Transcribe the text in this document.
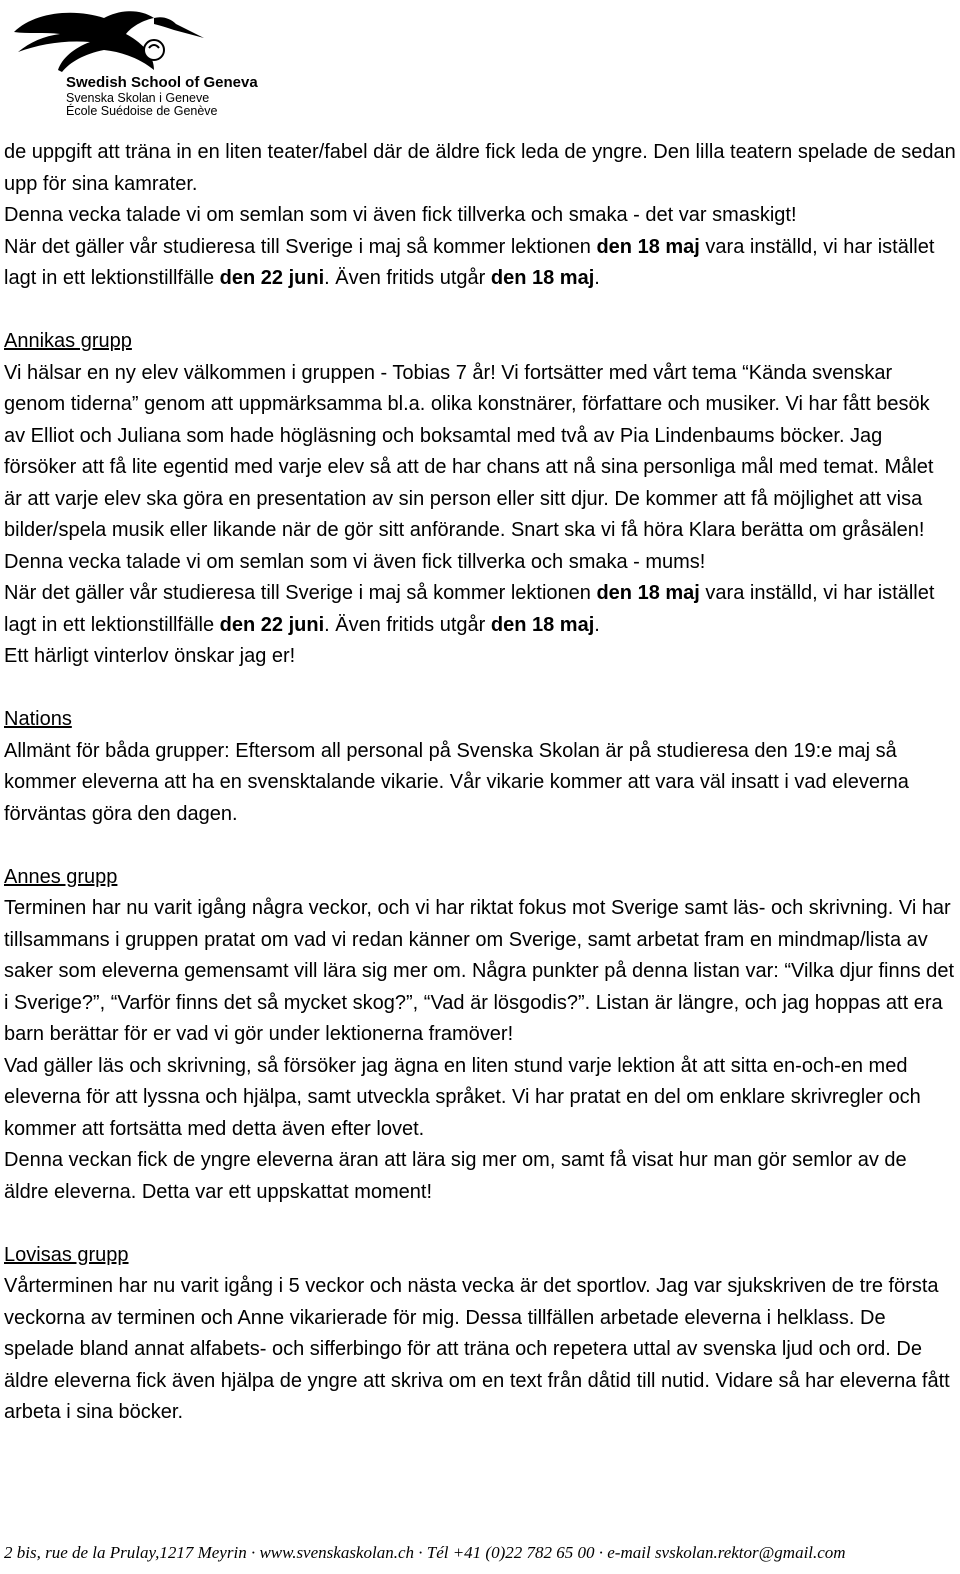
Swedish School of Geneva
Svenska Skolan i Geneve
École Suédoise de Genève

de uppgift att träna in en liten teater/fabel där de äldre fick leda de yngre. Den lilla teatern spelade de sedan upp för sina kamrater.

Denna vecka talade vi om semlan som vi även fick tillverka och smaka - det var smaskigt!

När det gäller vår studieresa till Sverige i maj så kommer lektionen den 18 maj vara inställd, vi har istället lagt in ett lektionstillfälle den 22 juni. Även fritids utgår den 18 maj.

Annikas grupp

Vi hälsar en ny elev välkommen i gruppen - Tobias 7 år! Vi fortsätter med vårt tema “Kända svenskar genom tiderna” genom att uppmärksamma bl.a. olika konstnärer, författare och musiker. Vi har fått besök av Elliot och Juliana som hade högläsning och boksamtal med två av Pia Lindenbaums böcker. Jag försöker att få lite egentid med varje elev så att de har chans att nå sina personliga mål med temat. Målet är att varje elev ska göra en presentation av sin person eller sitt djur. De kommer att få möjlighet att visa bilder/spela musik eller likande när de gör sitt anförande. Snart ska vi få höra Klara berätta om gråsälen!

Denna vecka talade vi om semlan som vi även fick tillverka och smaka - mums!

När det gäller vår studieresa till Sverige i maj så kommer lektionen den 18 maj vara inställd, vi har istället lagt in ett lektionstillfälle den 22 juni. Även fritids utgår den 18 maj.

Ett härligt vinterlov önskar jag er!

Nations

Allmänt för båda grupper: Eftersom all personal på Svenska Skolan är på studieresa den 19:e maj så kommer eleverna att ha en svensktalande vikarie. Vår vikarie kommer att vara väl insatt i vad eleverna förväntas göra den dagen.

Annes grupp

Terminen har nu varit igång några veckor, och vi har riktat fokus mot Sverige samt läs- och skrivning. Vi har tillsammans i gruppen pratat om vad vi redan känner om Sverige, samt arbetat fram en mindmap/lista av saker som eleverna gemensamt vill lära sig mer om. Några punkter på denna listan var: “Vilka djur finns det i Sverige?”, “Varför finns det så mycket skog?”, “Vad är lösgodis?”. Listan är längre, och jag hoppas att era barn berättar för er vad vi gör under lektionerna framöver!

Vad gäller läs och skrivning, så försöker jag ägna en liten stund varje lektion åt att sitta en-och-en med eleverna för att lyssna och hjälpa, samt utveckla språket. Vi har pratat en del om enklare skrivregler och kommer att fortsätta med detta även efter lovet.

Denna veckan fick de yngre eleverna äran att lära sig mer om, samt få visat hur man gör semlor av de äldre eleverna. Detta var ett uppskattat moment!

Lovisas grupp

Vårterminen har nu varit igång i 5 veckor och nästa vecka är det sportlov. Jag var sjukskriven de tre första veckorna av terminen och Anne vikarierade för mig. Dessa tillfällen arbetade eleverna i helklass. De spelade bland annat alfabets- och sifferbingo för att träna och repetera uttal av svenska ljud och ord. De äldre eleverna fick även hjälpa de yngre att skriva om en text från dåtid till nutid. Vidare så har eleverna fått arbeta i sina böcker.

2 bis, rue de la Prulay,1217 Meyrin · www.svenskaskolan.ch · Tél +41 (0)22 782 65 00 · e-mail svskolan.rektor@gmail.com
